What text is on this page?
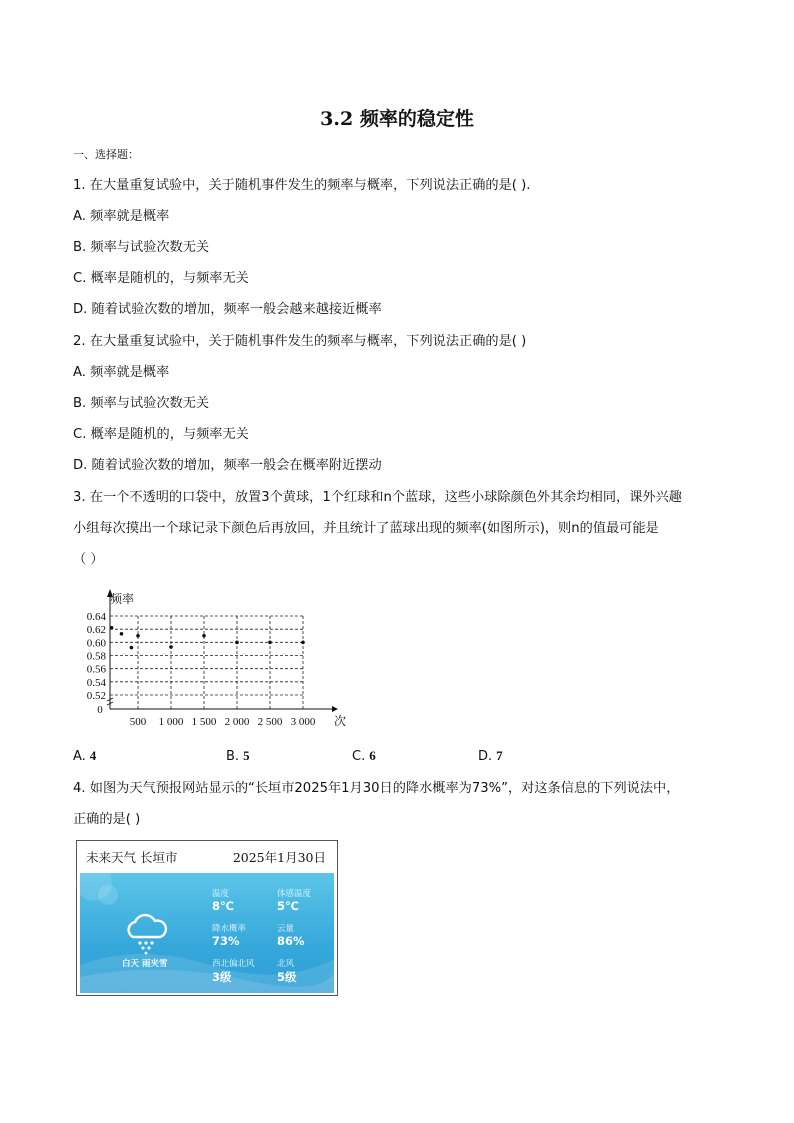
3.2 频率的稳定性
一、选择题：
1. 在大量重复试验中，关于随机事件发生的频率与概率，下列说法正确的是( ).
A. 频率就是概率
B. 频率与试验次数无关
C. 概率是随机的，与频率无关
D. 随着试验次数的增加，频率一般会越来越接近概率
2. 在大量重复试验中，关于随机事件发生的频率与概率，下列说法正确的是( )
A. 频率就是概率
B. 频率与试验次数无关
C. 概率是随机的，与频率无关
D. 随着试验次数的增加，频率一般会在概率附近摆动
3. 在一个不透明的口袋中，放置3个黄球，1个红球和n个蓝球，这些小球除颜色外其余均相同，课外兴趣
小组每次摸出一个球记录下颜色后再放回，并且统计了蓝球出现的频率(如图所示)，则n的值最可能是
（ ）
0.64
0.62
0.60
0.58
0.56
0.54
0.52
500 1 000 1 500 2 000 2 500 3 000
0
频率
次
A. 4	B. 5	C. 6	D. 7
4. 如图为天气预报网站显示的“长垣市2025年1月30日的降水概率为73%”，对这条信息的下列说法中，
正确的是( )
未来天气 长垣市	2025年1月30日
白天 雨夹雪
温度
8℃
体感温度
5℃
降水概率
73%
云量
86%
西北偏北风
3级
北风
5级
